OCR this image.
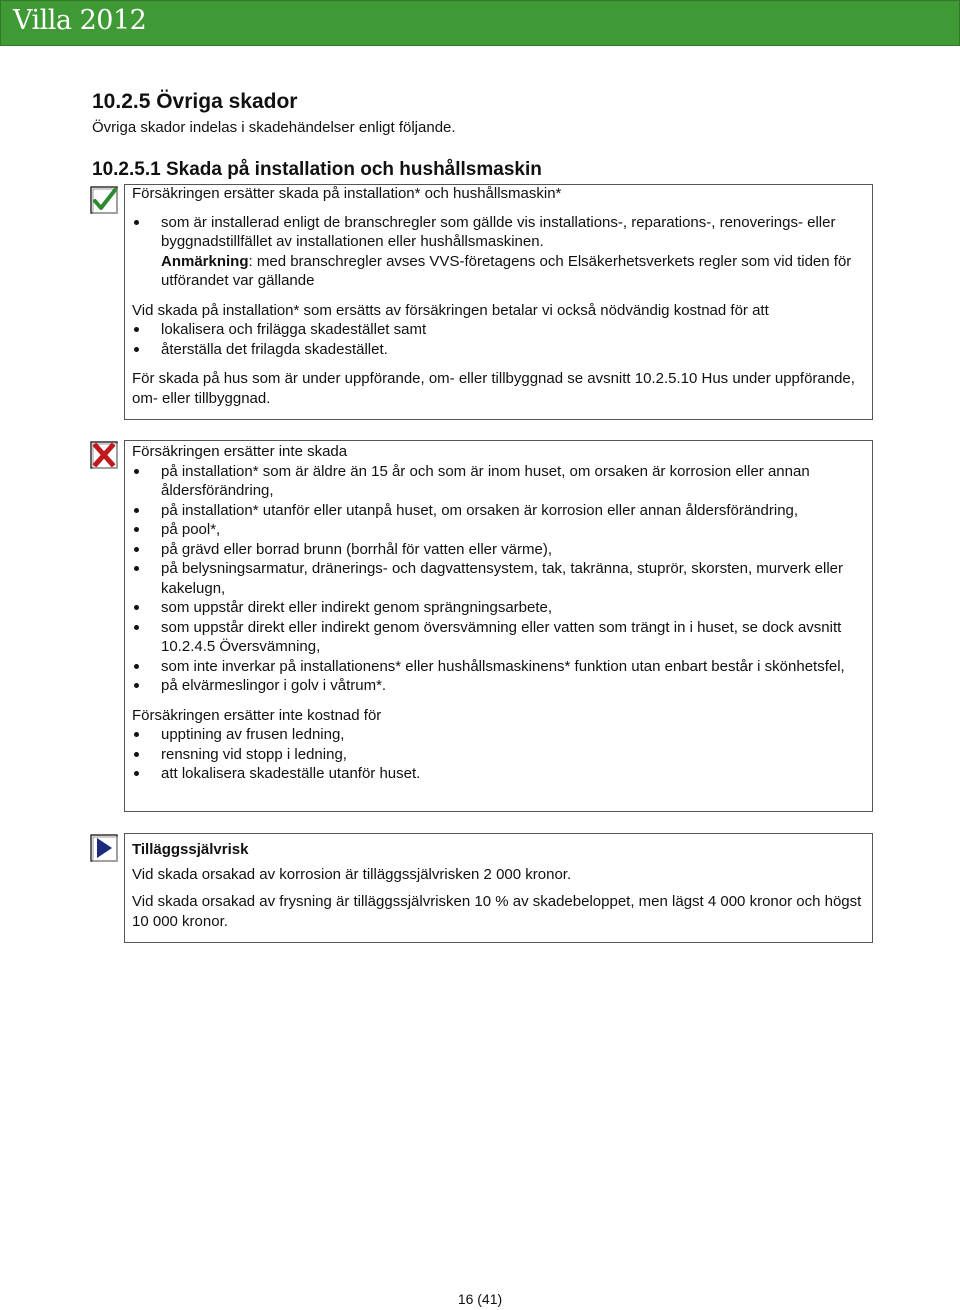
Villa 2012
10.2.5 Övriga skador
Övriga skador indelas i skadehändelser enligt följande.
10.2.5.1 Skada på installation och hushållsmaskin

Försäkringen ersätter skada på installation* och hushållsmaskin*

som är installerad enligt de branschregler som gällde vis installations-, reparations-, renoverings- eller byggnadstillfället av installationen eller hushållsmaskinen.
Anmärkning: med branschregler avses VVS-företagens och Elsäkerhetsverkets regler som vid tiden för utförandet var gällande

Vid skada på installation* som ersätts av försäkringen betalar vi också nödvändig kostnad för att

lokalisera och frilägga skadestället samt
återställa det frilagda skadestället.

För skada på hus som är under uppförande, om- eller tillbyggnad se avsnitt 10.2.5.10 Hus under uppförande, om- eller tillbyggnad.

Försäkringen ersätter inte skada

på installation* som är äldre än 15 år och som är inom huset, om orsaken är korrosion eller annan åldersförändring,
på installation* utanför eller utanpå huset, om orsaken är korrosion eller annan åldersförändring,
på pool*,
på grävd eller borrad brunn (borrhål för vatten eller värme),
på belysningsarmatur, dränerings- och dagvattensystem, tak, takränna, stuprör, skorsten, murverk eller kakelugn,
som uppstår direkt eller indirekt genom sprängningsarbete,
som uppstår direkt eller indirekt genom översvämning eller vatten som trängt in i huset, se dock avsnitt 10.2.4.5 Översvämning,
som inte inverkar på installationens* eller hushållsmaskinens* funktion utan enbart består i skönhetsfel,
på elvärmeslingor i golv i våtrum*.

Försäkringen ersätter inte kostnad för

upptining av frusen ledning,
rensning vid stopp i ledning,
att lokalisera skadeställe utanför huset.

Tilläggssjälvrisk

Vid skada orsakad av korrosion är tilläggssjälvrisken 2 000 kronor.

Vid skada orsakad av frysning är tilläggssjälvrisken 10 % av skadebeloppet, men lägst 4 000 kronor och högst 10 000 kronor.

16 (41)
